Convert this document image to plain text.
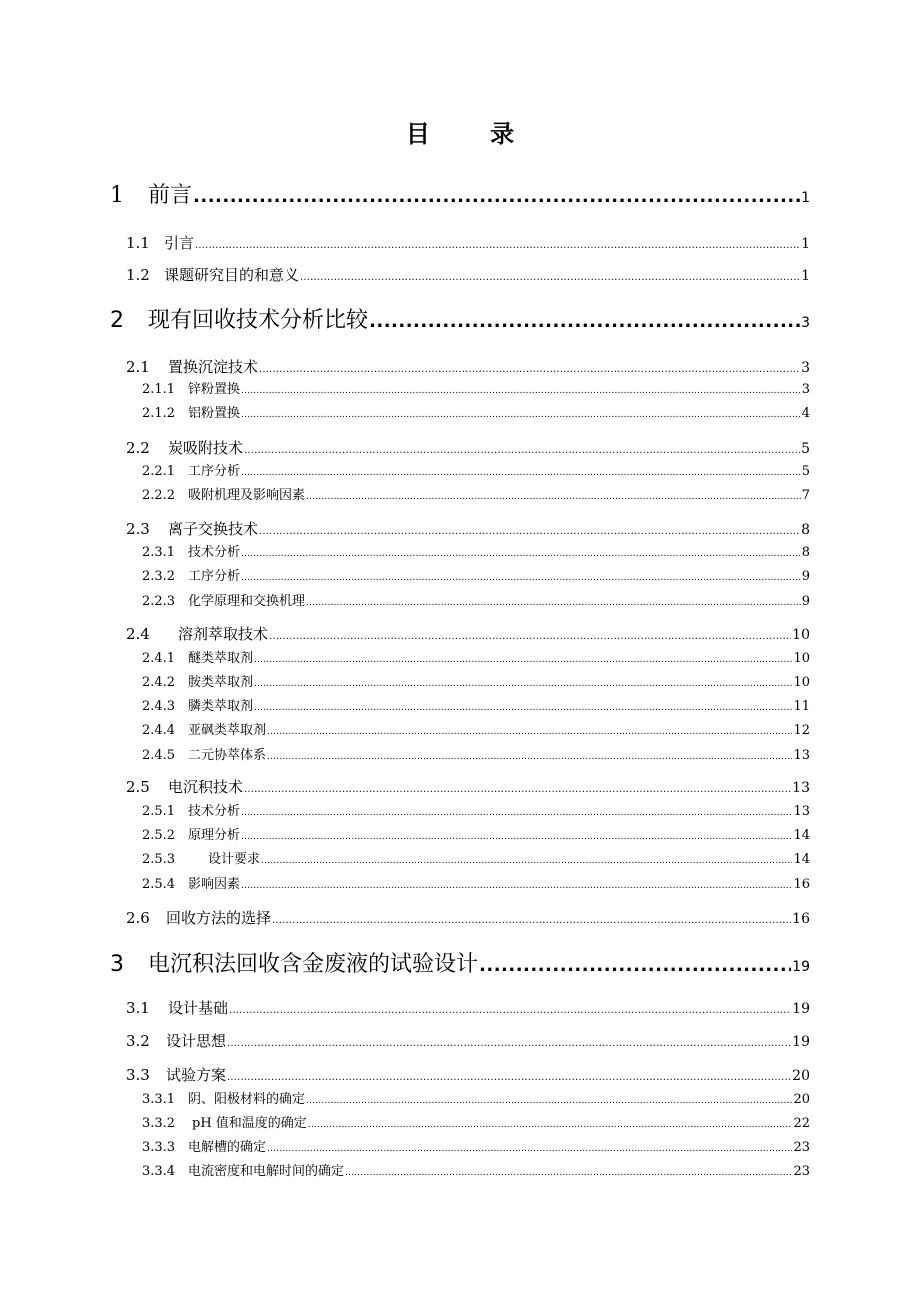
目 录
1	前言 .....	1
1.1 引言 .....	1
1.2 课题研究目的和意义 .....	1
2	现有回收技术分析比较 .....	3
2.1	置换沉淀技术 .....	3
2.1.1 锌粉置换 .....	3
2.1.2 铝粉置换 .....	4
2.2	炭吸附技术 .....	5
2.2.1 工序分析 .....	5
2.2.2 吸附机理及影响因素 .....	7
2.3	离子交换技术 .....	8
2.3.1 技术分析 .....	8
2.3.2 工序分析 .....	9
2.2.3 化学原理和交换机理 .....	9
2.4	溶剂萃取技术 .....	10
2.4.1 醚类萃取剂 .....	10
2.4.2 胺类萃取剂 .....	10
2.4.3 膦类萃取剂 .....	11
2.4.4 亚砜类萃取剂 .....	12
2.4.5 二元协萃体系 .....	13
2.5	电沉积技术 .....	13
2.5.1 技术分析 .....	13
2.5.2 原理分析 .....	14
2.5.3	设计要求 .....	14
2.5.4 影响因素 .....	16
2.6	回收方法的选择 .....	16
3	电沉积法回收含金废液的试验设计 .....	19
3.1	设计基础 .....	19
3.2	设计思想 .....	19
3.3	试验方案 .....	20
3.3.1 阴、阳极材料的确定 .....	20
3.3.2	pH 值和温度的确定 .....	22
3.3.3 电解槽的确定 .....	23
3.3.4 电流密度和电解时间的确定 .....	23
